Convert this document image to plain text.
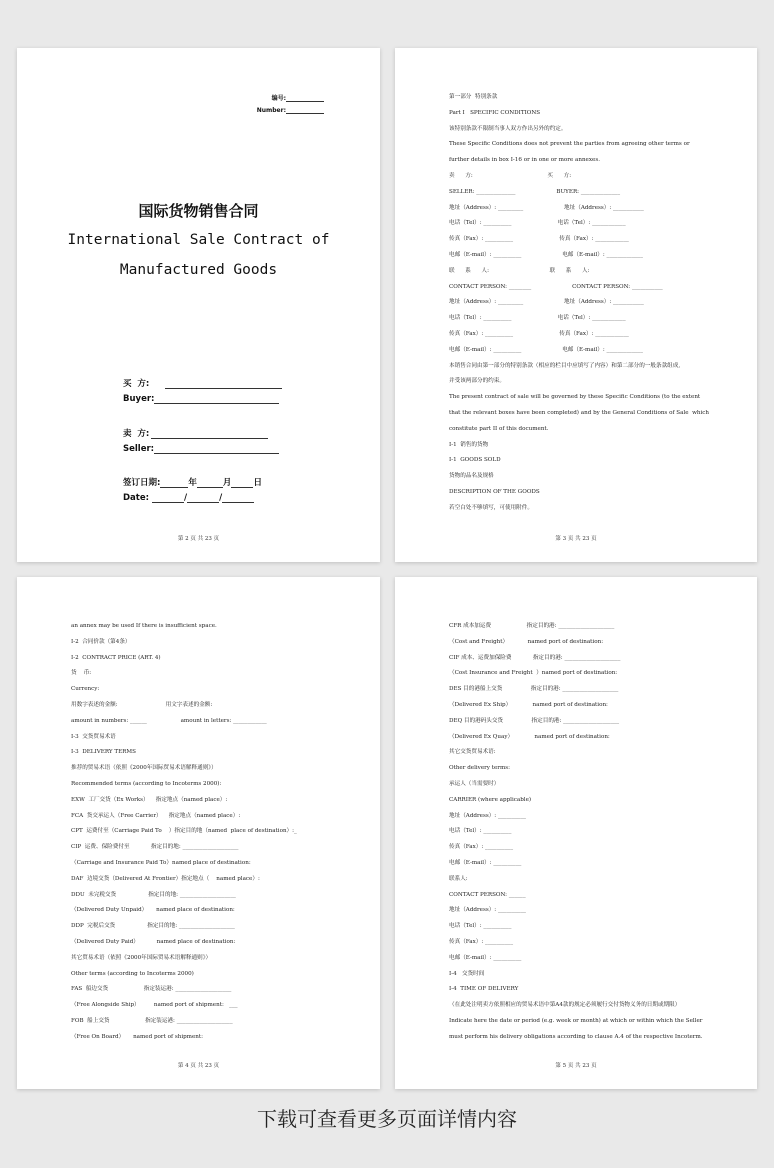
编号:
Number:
国际货物销售合同
International Sale Contract of
Manufactured Goods
买  方:
Buyer:
卖  方:
Seller:
签订日期:	年	月	日
Date:	/	/
第 2 页 共 23 页
第一部分  特别条款
Part I   SPECIFIC CONDITIONS
该特别条款不限制当事人双方作出另外的约定。
These Specific Conditions does not prevent the parties from agreeing other terms or
further details in box I-16 or in one or more annexes.
卖      方:                                          买      方:
SELLER: ______________                       BUYER: ______________
地址（Address）: _________                       地址（Address）: ___________
电话（Tel）: __________                          电话（Tel）: ____________
传真（Fax）: __________                          传真（Fax）: ____________
电邮（E-mail）: __________                       电邮（E-mail）: _____________
联      系      人:                                  联      系      人:
CONTACT PERSON: ________                       CONTACT PERSON: ___________
地址（Address）: _________                       地址（Address）: ___________
电话（Tel）: __________                          电话（Tel）: ____________
传真（Fax）: __________                          传真（Fax）: ____________
电邮（E-mail）: __________                       电邮（E-mail）: _____________
本销售合同由第一部分的特别条款（相应的栏目中应填写了内容）和第二部分的一般条款组成,
并受该两部分的约束。
The present contract of sale will be governed by these Specific Conditions (to the extent
that the relevant boxes have been completed) and by the General Conditions of Sale  which
constitute part II of this document.
I-1  销售的货物
I-1  GOODS SOLD
货物的品名及规格
DESCRIPTION OF THE GOODS
若空白处不够填写，可使用附件。
第 3 页 共 23 页
an annex may be used If there is insufficient space.
I-2  合同价款（第4条）
I-2  CONTRACT PRICE (ART. 4)
货    币:
Currency:
用数字表述的金额:                           用文字表述的金额:
amount in numbers: ______                   amount in letters: ____________
I-3  交货贸易术语
I-3  DELIVERY TERMS
推荐的贸易术语（依照《2000年国际贸易术语解释通则》）
Recommended terms (according to Incoterms 2000):
EXW  工厂交货（Ex Works）    指定地点（named place）:
FCA  货交承运人（Free Carrier）    指定地点（named place）:
CPT  运费付至（Carriage Paid To    ）指定目的地（named  place of destination）:_
CIP  运费、保险费付至            指定目的地: ____________________
（Carriage and Insurance Paid To）named place of destination:
DAF  边境交货（Delivered At Frontier）指定地点（    named place）:
DDU  未完税交货                  指定目的地: ____________________
（Delivered Duty Unpaid）     named place of destination:
DDP  完税后交货                  指定目的地: ____________________
（Delivered Duty Paid）          named place of destination:
其它贸易术语（依照《2000年国际贸易术语解释通则》）
Other terms (according to Incoterms 2000)
FAS  船边交货                    指定装运港: ____________________
（Free Alongside Ship）        named port of shipment:   ___
FOB  船上交货                    指定装运港: ____________________
（Free On Board）     named port of shipment:
第 4 页 共 23 页
CFR 成本加运费                    指定目的港: ____________________
（Cost and Freight）           named port of destination:
CIF 成本、运费加保险费            指定目的港: ____________________
（Cost Insurance and Freight  ）named port of destination:
DES 目的港船上交货                指定目的港: ____________________
（Delivered Ex Ship）            named port of destination:
DEQ 目的港码头交货                指定目的港: ____________________
（Delivered Ex Quay）            named port of destination:
其它交货贸易术语:
Other delivery terms:
承运人（当需要时）
CARRIER (where applicable)
地址（Address）: __________
电话（Tel）: __________
传真（Fax）: __________
电邮（E-mail）: __________
联系人:
CONTACT PERSON: ______
地址（Address）: __________
电话（Tel）: __________
传真（Fax）: __________
电邮（E-mail）: __________
I-4   交货时间
I-4  TIME OF DELIVERY
（在此处注明卖方依照相应的贸易术语中第A4款的规定必须履行交付货物义务的日期或期限）
Indicate here the date or period (e.g. week or month) at which or within which the Seller
must perform his delivery obligations according to clause A.4 of the respective Incoterm.
第 5 页 共 23 页
下载可查看更多页面详情内容
